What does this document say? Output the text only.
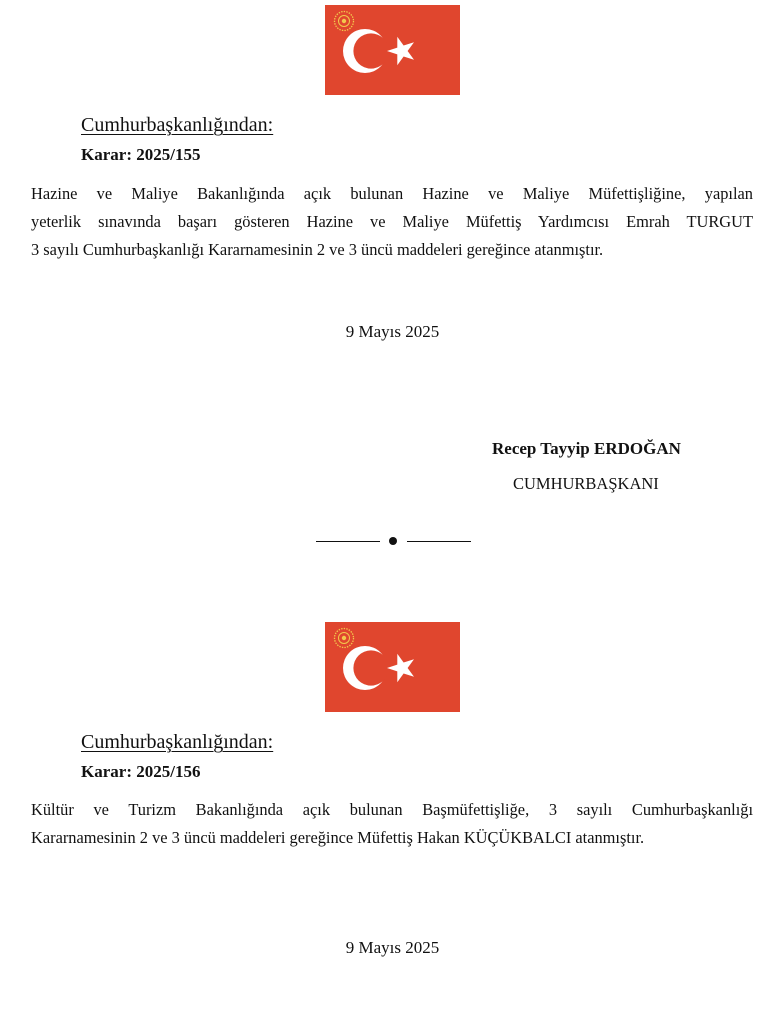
Cumhurbaşkanlığından:
Karar: 2025/155
Hazine ve Maliye Bakanlığında açık bulunan Hazine ve Maliye Müfettişliğine, yapılan
yeterlik sınavında başarı gösteren Hazine ve Maliye Müfettiş Yardımcısı Emrah TURGUT
3 sayılı Cumhurbaşkanlığı Kararnamesinin 2 ve 3 üncü maddeleri gereğince atanmıştır.
9 Mayıs 2025
Recep Tayyip ERDOĞAN
CUMHURBAŞKANI
Cumhurbaşkanlığından:
Karar: 2025/156
Kültür ve Turizm Bakanlığında açık bulunan Başmüfettişliğe, 3 sayılı Cumhurbaşkanlığı
Kararnamesinin 2 ve 3 üncü maddeleri gereğince Müfettiş Hakan KÜÇÜKBALCI atanmıştır.
9 Mayıs 2025
